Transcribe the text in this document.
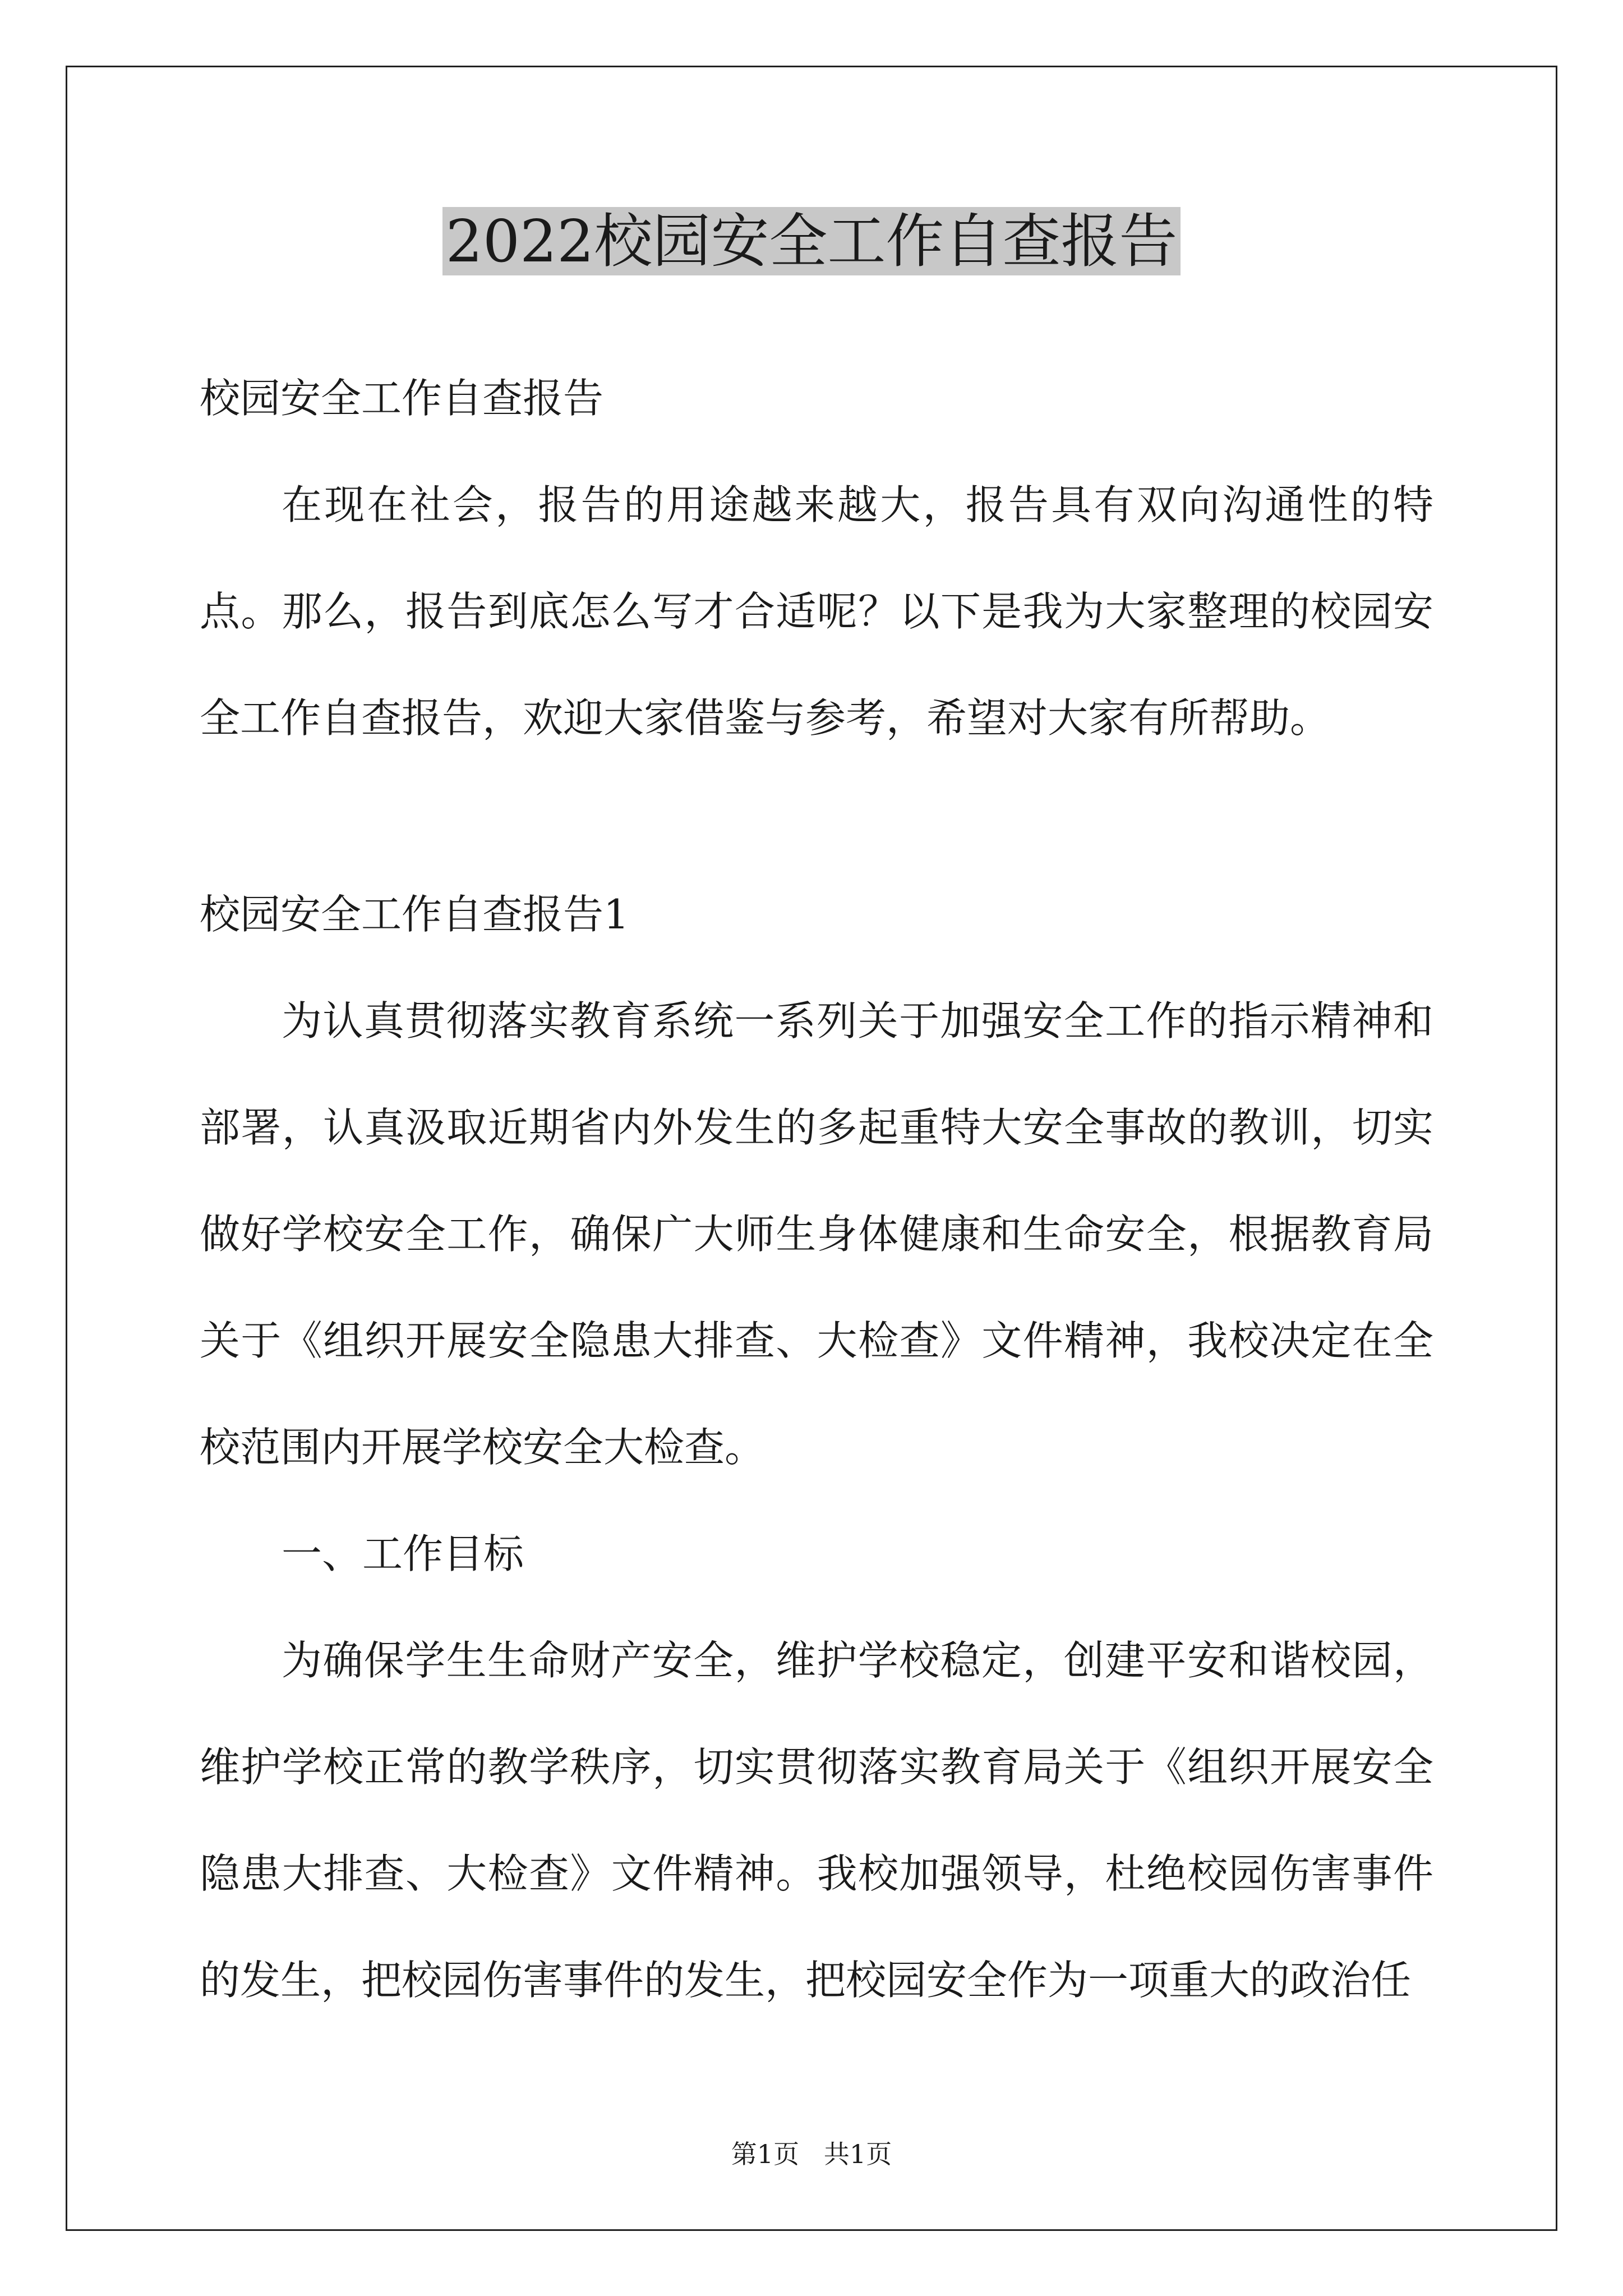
2022校园安全工作自查报告

校园安全工作自查报告

在现在社会，报告的用途越来越大，报告具有双向沟通性的特点。那么，报告到底怎么写才合适呢？以下是我为大家整理的校园安全工作自查报告，欢迎大家借鉴与参考，希望对大家有所帮助。

校园安全工作自查报告1

为认真贯彻落实教育系统一系列关于加强安全工作的指示精神和部署，认真汲取近期省内外发生的多起重特大安全事故的教训，切实做好学校安全工作，确保广大师生身体健康和生命安全，根据教育局关于《组织开展安全隐患大排查、大检查》文件精神，我校决定在全校范围内开展学校安全大检查。

一、工作目标

为确保学生生命财产安全，维护学校稳定，创建平安和谐校园，维护学校正常的教学秩序，切实贯彻落实教育局关于《组织开展安全隐患大排查、大检查》文件精神。我校加强领导，杜绝校园伤害事件的发生，把校园伤害事件的发生，把校园安全作为一项重大的政治任

第1页   共1页
